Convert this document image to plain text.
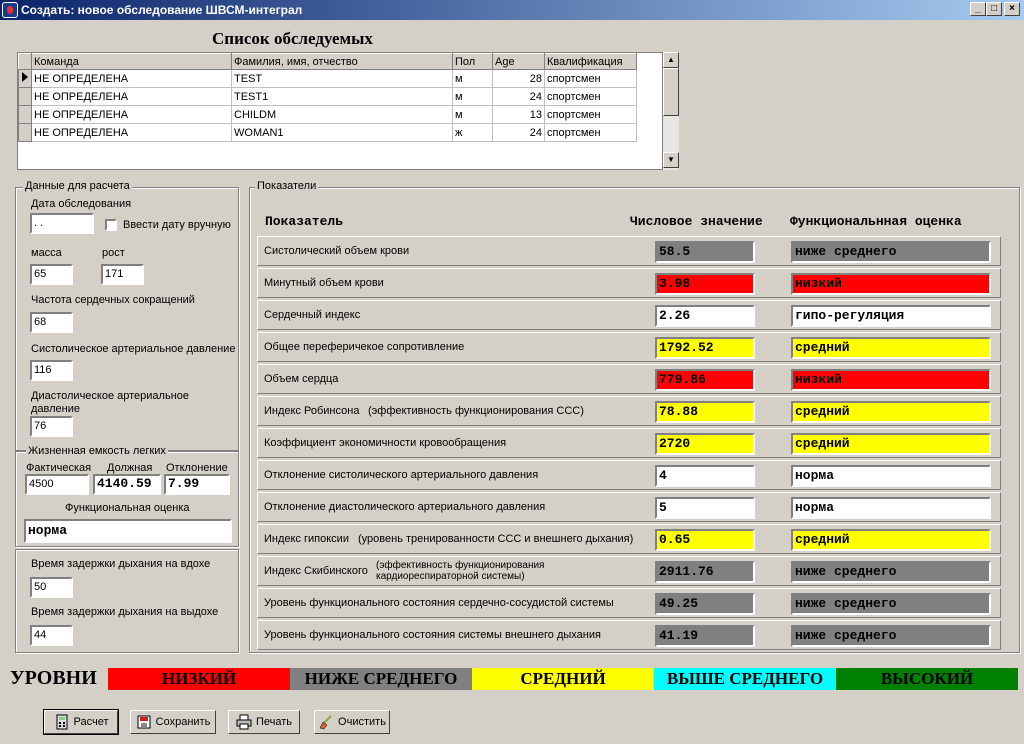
Создать: новое обследование ШВСМ-интеграл	_	□	×
Список обследуемых
	Команда	Фамилия, имя, отчество	Пол	Age	Квалификация
	НЕ ОПРЕДЕЛЕНА	TEST	м	28	спортсмен
	НЕ ОПРЕДЕЛЕНА	TEST1	м	24	спортсмен
	НЕ ОПРЕДЕЛЕНА	CHILDM	м	13	спортсмен
	НЕ ОПРЕДЕЛЕНА	WOMAN1	ж	24	спортсмен
▲
▼
Данные для расчета
Дата обследования
. .	Ввести дату вручную
масса
65
рост
171
Частота сердечных сокращений
68
Систолическое артериальное давление
116
Диастолическое артериальное давление
76
Жизненная емкость легких
Фактическая
4500
Должная
4140.59
Отклонение
7.99
Функциональная оценка
норма
Время задержки дыхания на вдохе
50
Время задержки дыхания на выдохе
44
Показатели
Показатель	Числовое значение Функциональнная оценка
Систолический объем крови	58.5	ниже среднего
Минутный объем крови	3.98	низкий
Сердечный индекс	2.26	гипо-регуляция
Общее переферичекое сопротивление	1792.52	средний
Объем сердца	779.86	низкий
Индекс Робинсона (эффективность функционирования ССС)	78.88	средний
Коэффициент экономичности кровообращения	2720	средний
Отклонение систолического артериального давления	4	норма
Отклонение диастолического артериального давления	5	норма
Индекс гипоксии (уровень тренированности ССС и внешнего дыхания)	0.65	средний
Индекс Скибинского (эффективность функционирования кардиореспираторной системы)	2911.76	ниже среднего
Уровень функционального состояния сердечно-сосудистой системы	49.25	ниже среднего
Уровень функционального состояния системы внешнего дыхания	41.19	ниже среднего
УРОВНИ	НИЗКИЙ	НИЖЕ СРЕДНЕГО	СРЕДНИЙ	ВЫШЕ СРЕДНЕГО	ВЫСОКИЙ
Расчет	Сохранить	Печать	Очистить
